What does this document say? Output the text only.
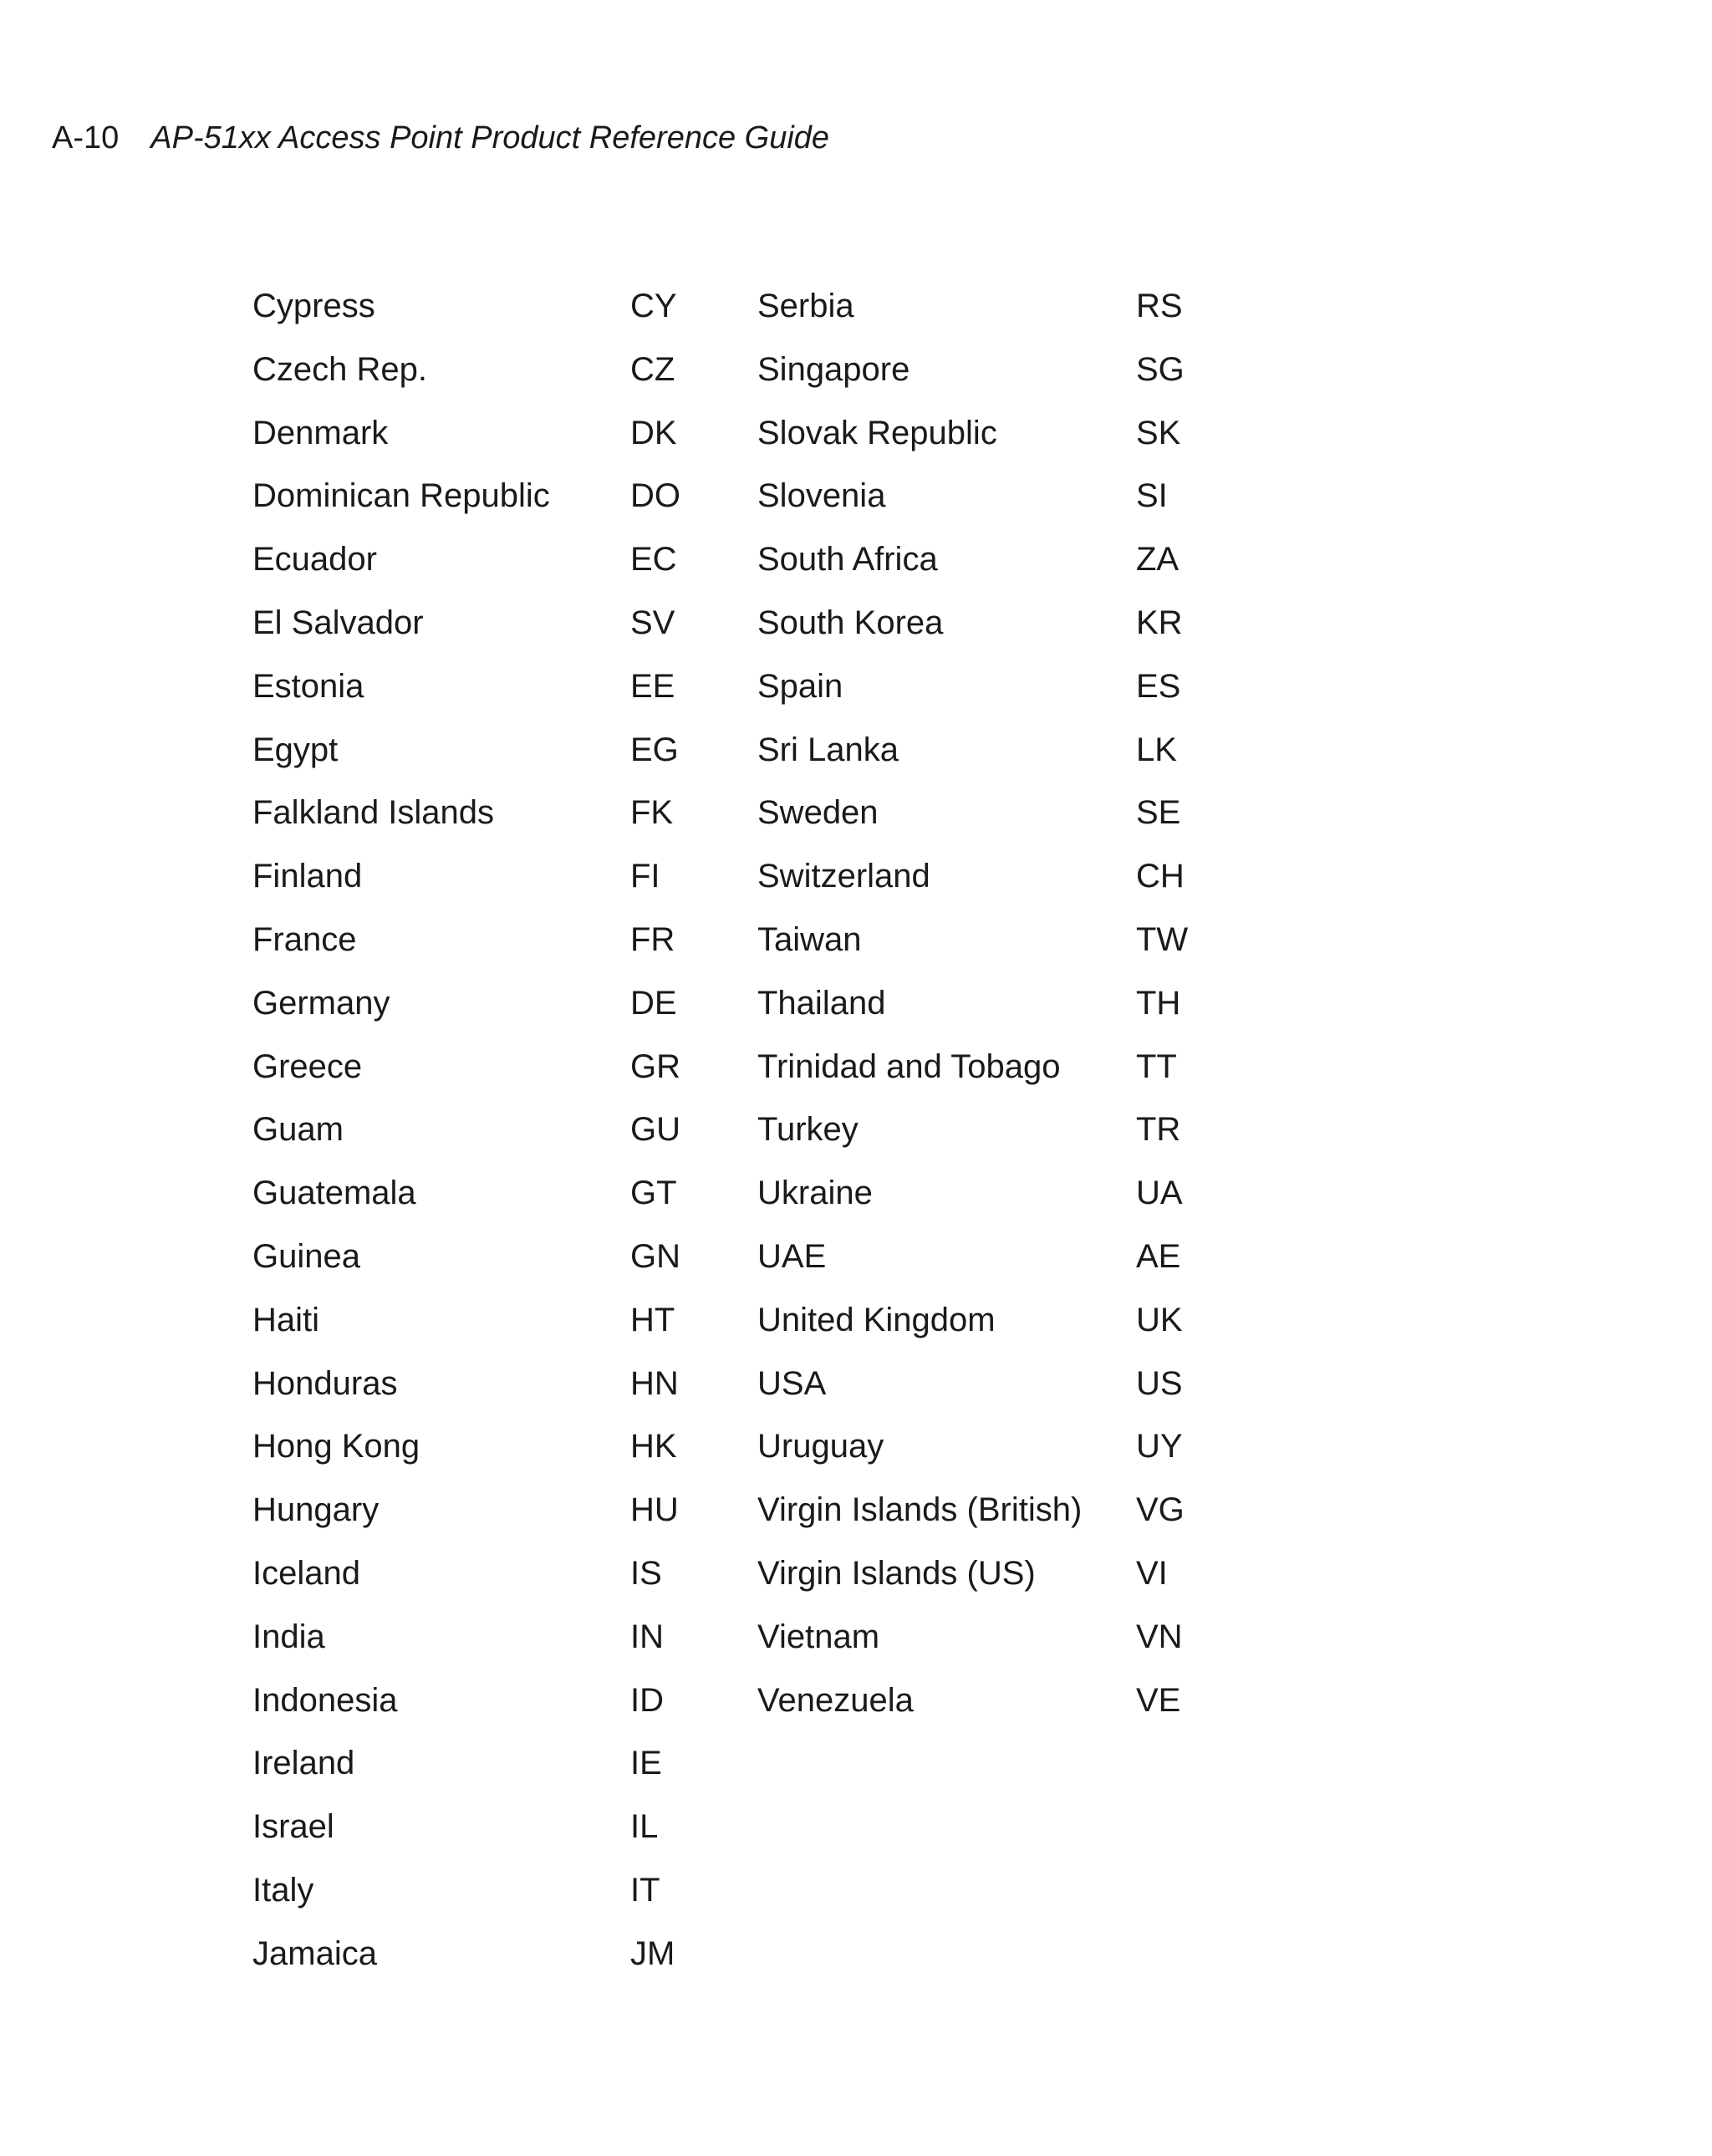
A-10 AP-51xx Access Point Product Reference Guide
Cypress	CY
Czech Rep.	CZ
Denmark	DK
Dominican Republic DO
Ecuador	EC
El Salvador	SV
Estonia	EE
Egypt	EG
Falkland Islands	FK
Finland	FI
France	FR
Germany	DE
Greece	GR
Guam	GU
Guatemala	GT
Guinea	GN
Haiti	HT
Honduras	HN
Hong Kong	HK
Hungary	HU
Iceland	IS
India	IN
Indonesia	ID
Ireland	IE
Israel	IL
Italy	IT
Jamaica	JM
Serbia	RS
Singapore	SG
Slovak Republic	SK
Slovenia	SI
South Africa	ZA
South Korea	KR
Spain	ES
Sri Lanka	LK
Sweden	SE
Switzerland	CH
Taiwan	TW
Thailand	TH
Trinidad and Tobago TT
Turkey	TR
Ukraine	UA
UAE	AE
United Kingdom	UK
USA	US
Uruguay	UY
Virgin Islands (British) VG
Virgin Islands (US)	VI
Vietnam	VN
Venezuela	VE
